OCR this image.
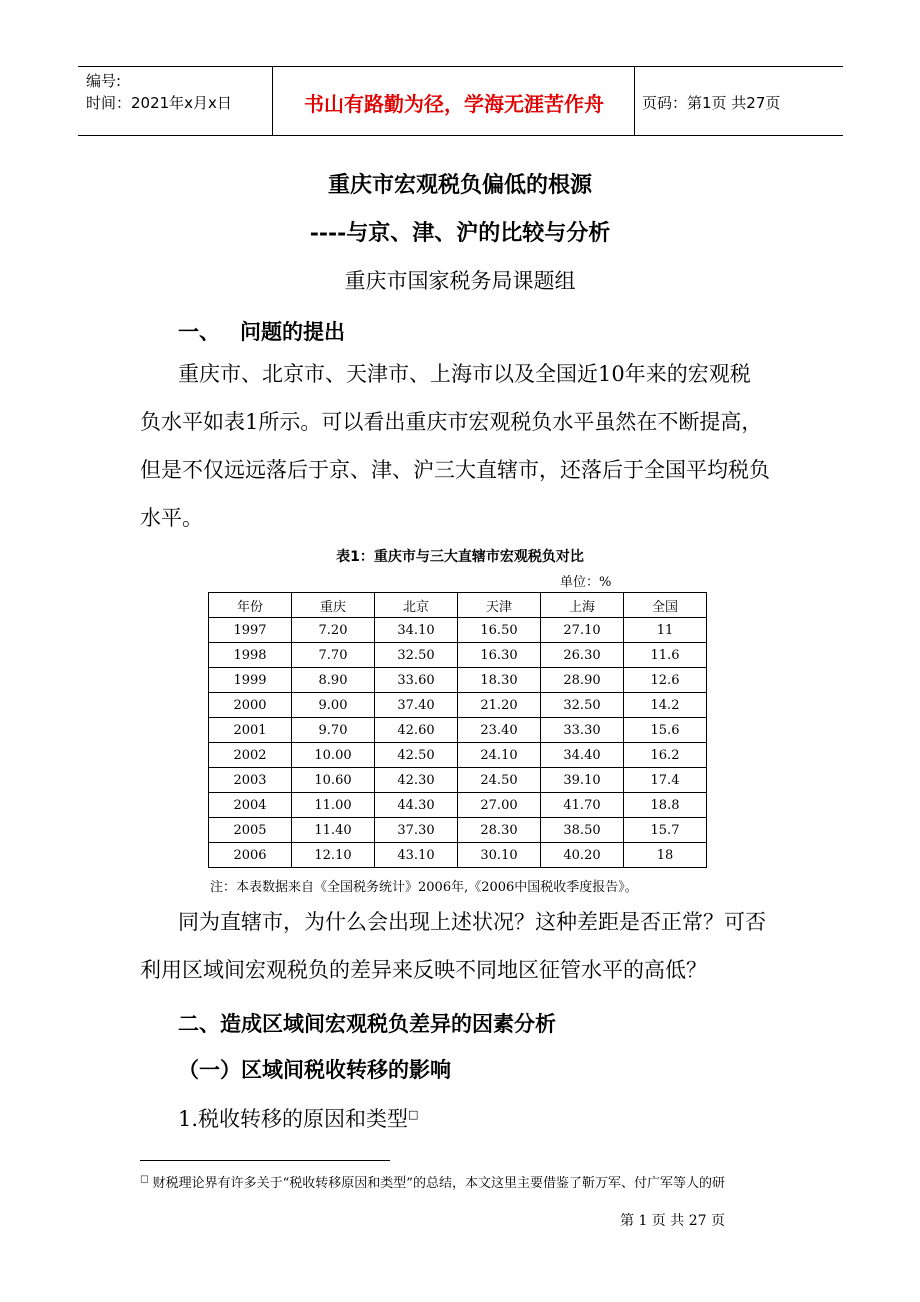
编号:
时间：2021年x月x日	书山有路勤为径，学海无涯苦作舟	页码：第1页 共27页
重庆市宏观税负偏低的根源
----与京、津、沪的比较与分析
重庆市国家税务局课题组
一、 问题的提出
重庆市、北京市、天津市、上海市以及全国近10年来的宏观税
负水平如表1所示。可以看出重庆市宏观税负水平虽然在不断提高，
但是不仅远远落后于京、津、沪三大直辖市，还落后于全国平均税负
水平。
表1：重庆市与三大直辖市宏观税负对比
单位：%
年份	重庆	北京	天津	上海	全国
1997	7.20	34.10	16.50	27.10	11
1998	7.70	32.50	16.30	26.30	11.6
1999	8.90	33.60	18.30	28.90	12.6
2000	9.00	37.40	21.20	32.50	14.2
2001	9.70	42.60	23.40	33.30	15.6
2002	10.00	42.50	24.10	34.40	16.2
2003	10.60	42.30	24.50	39.10	17.4
2004	11.00	44.30	27.00	41.70	18.8
2005	11.40	37.30	28.30	38.50	15.7
2006	12.10	43.10	30.10	40.20	18
注：本表数据来自《全国税务统计》2006年,《2006中国税收季度报告》。
同为直辖市，为什么会出现上述状况？这种差距是否正常？可否
利用区域间宏观税负的差异来反映不同地区征管水平的高低？
二、造成区域间宏观税负差异的因素分析
（一）区域间税收转移的影响
1.税收转移的原因和类型□
□ 财税理论界有许多关于“税收转移原因和类型”的总结，本文这里主要借鉴了靳万军、付广军等人的研
第 1 页 共 27 页
